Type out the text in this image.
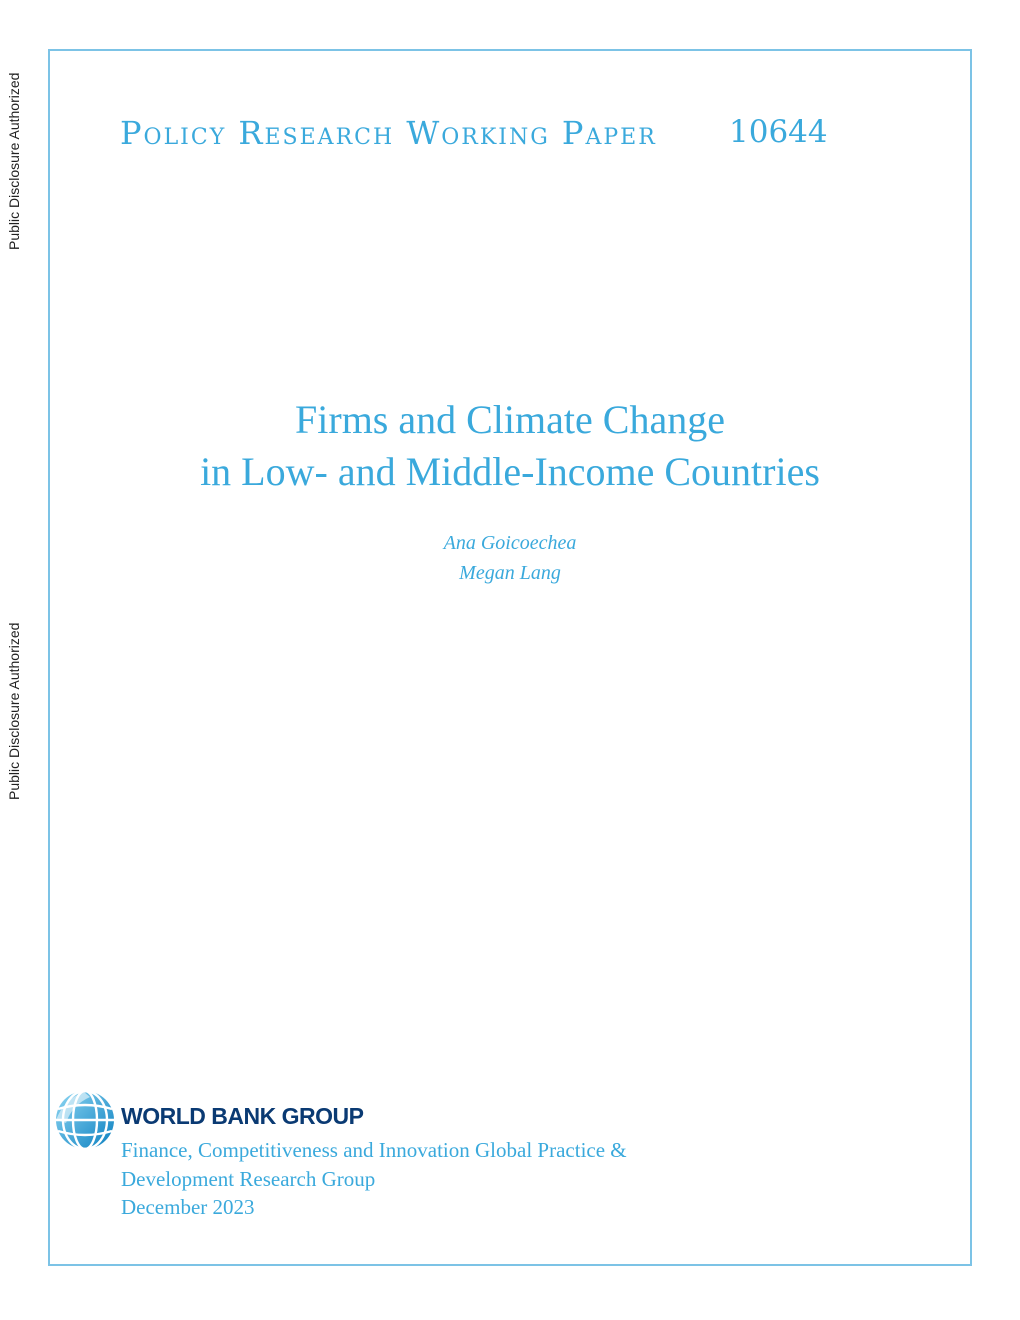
Public Disclosure Authorized
Public Disclosure Authorized
Policy Research Working Paper 10644
Firms and Climate Change
in Low- and Middle-Income Countries
Ana Goicoechea
Megan Lang
WORLD BANK GROUP
Finance, Competitiveness and Innovation Global Practice &
Development Research Group
December 2023
